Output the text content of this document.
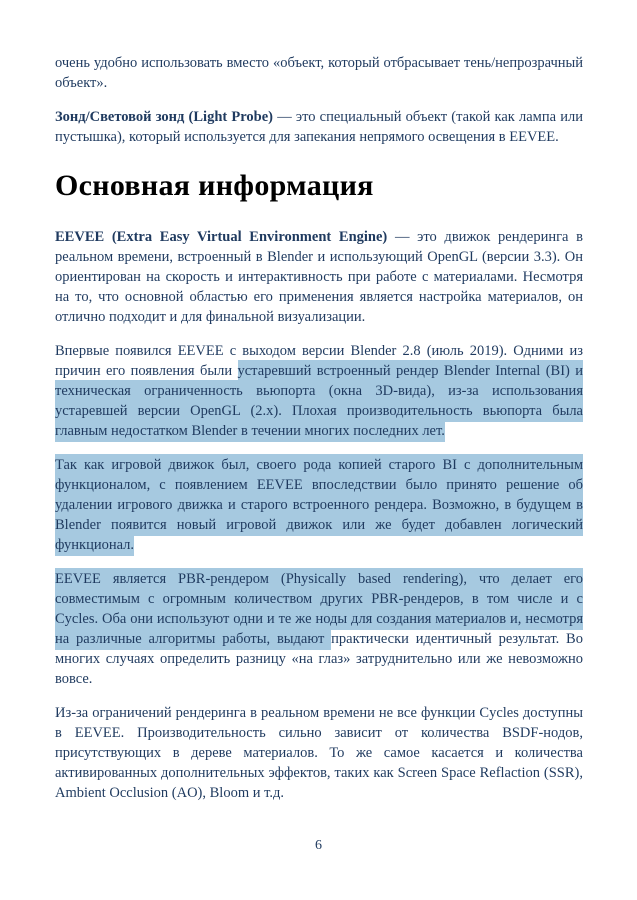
очень удобно использовать вместо «объект, который отбрасывает тень/непрозрачный объект».

Зонд/Световой зонд (Light Probe) — это специальный объект (такой как лампа или пустышка), который используется для запекания непрямого освещения в EEVEE.

Основная информация

EEVEE (Extra Easy Virtual Environment Engine) — это движок рендеринга в реальном времени, встроенный в Blender и использующий OpenGL (версии 3.3). Он ориентирован на скорость и интерактивность при работе с материалами. Несмотря на то, что основной областью его применения является настройка материалов, он отлично подходит и для финальной визуализации.

Впервые появился EEVEE с выходом версии Blender 2.8 (июль 2019). Одними из причин его появления были устаревший встроенный рендер Blender Internal (BI) и техническая ограниченность вьюпорта (окна 3D-вида), из-за использования устаревшей версии OpenGL (2.x). Плохая производительность вьюпорта была главным недостатком Blender в течении многих последних лет.

Так как игровой движок был, своего рода копией старого BI с дополнительным функционалом, с появлением EEVEE впоследствии было принято решение об удалении игрового движка и старого встроенного рендера. Возможно, в будущем в Blender появится новый игровой движок или же будет добавлен логический функционал.

EEVEE является PBR-рендером (Physically based rendering), что делает его совместимым с огромным количеством других PBR-рендеров, в том числе и с Cycles. Оба они используют одни и те же ноды для создания материалов и, несмотря на различные алгоритмы работы, выдают практически идентичный результат. Во многих случаях определить разницу «на глаз» затруднительно или же невозможно вовсе.

Из-за ограничений рендеринга в реальном времени не все функции Cycles доступны в EEVEE. Производительность сильно зависит от количества BSDF-нодов, присутствующих в дереве материалов. То же самое касается и количества активированных дополнительных эффектов, таких как Screen Space Reflaction (SSR), Ambient Occlusion (AO), Bloom и т.д.

6
